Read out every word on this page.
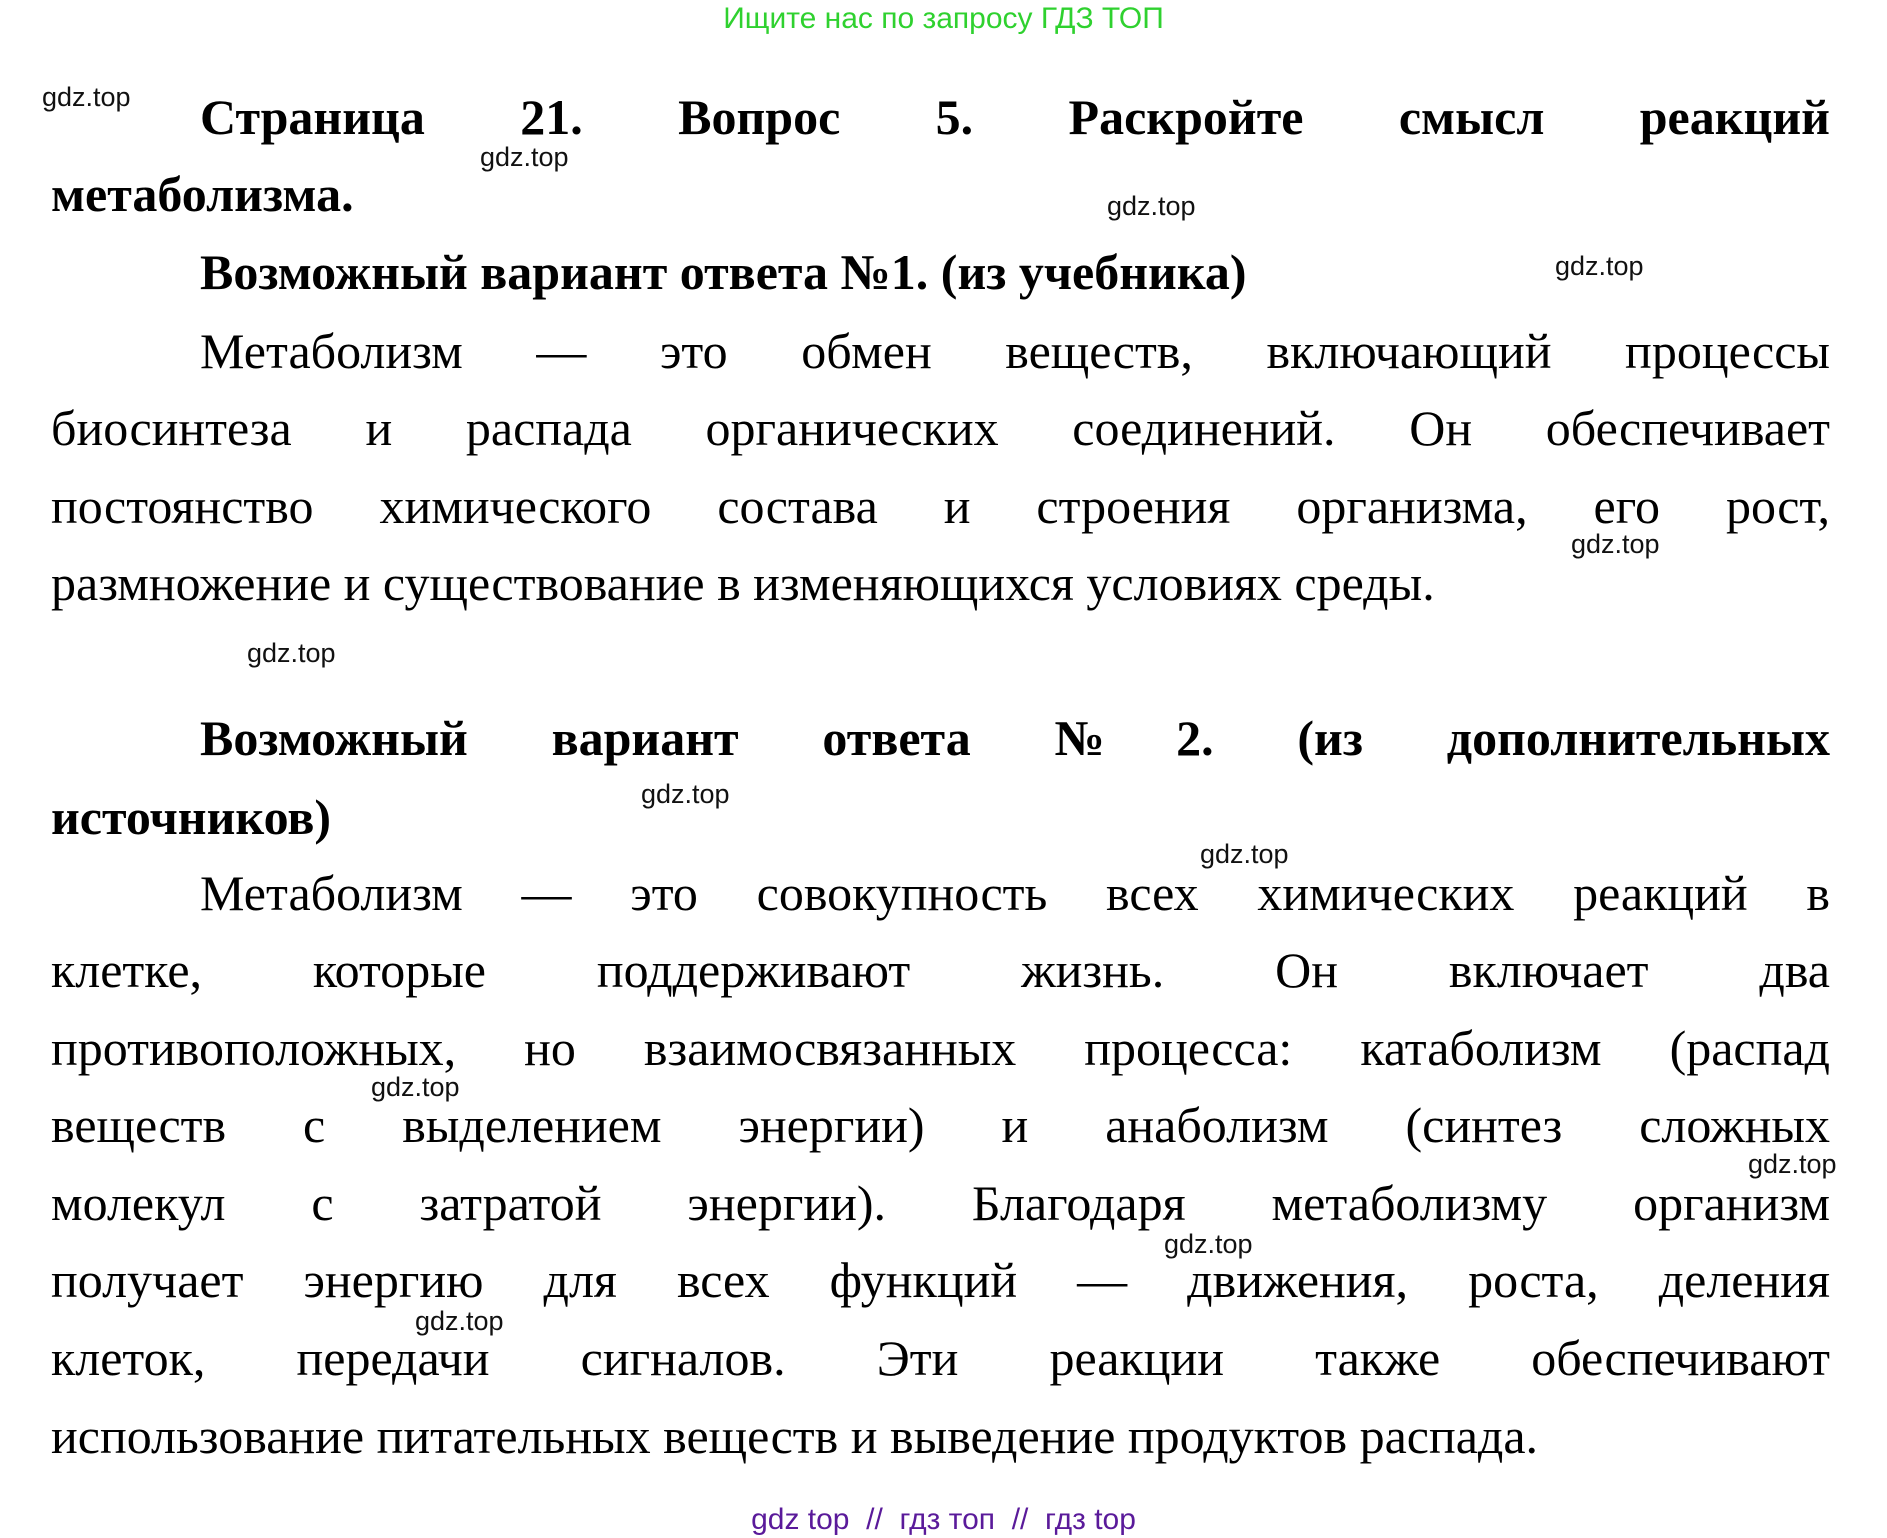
Ищите нас по запросу ГДЗ ТОП
Страница 21. Вопрос 5. Раскройте смысл реакций
метаболизма.
Возможный вариант ответа №1. (из учебника)
Метаболизм — это обмен веществ, включающий процессы
биосинтеза и распада органических соединений. Он обеспечивает
постоянство химического состава и строения организма, его рост,
размножение и существование в изменяющихся условиях среды.
Возможный вариант ответа №2. (из дополнительных
источников)
Метаболизм — это совокупность всех химических реакций в
клетке, которые поддерживают жизнь. Он включает два
противоположных, но взаимосвязанных процесса: катаболизм (распад
веществ с выделением энергии) и анаболизм (синтез сложных
молекул с затратой энергии). Благодаря метаболизму организм
получает энергию для всех функций — движения, роста, деления
клеток, передачи сигналов. Эти реакции также обеспечивают
использование питательных веществ и выведение продуктов распада.
gdz.top
gdz.top
gdz.top
gdz.top
gdz.top
gdz.top
gdz.top
gdz.top
gdz.top
gdz.top
gdz.top
gdz.top
gdz top  //  гдз топ  //  гдз top
